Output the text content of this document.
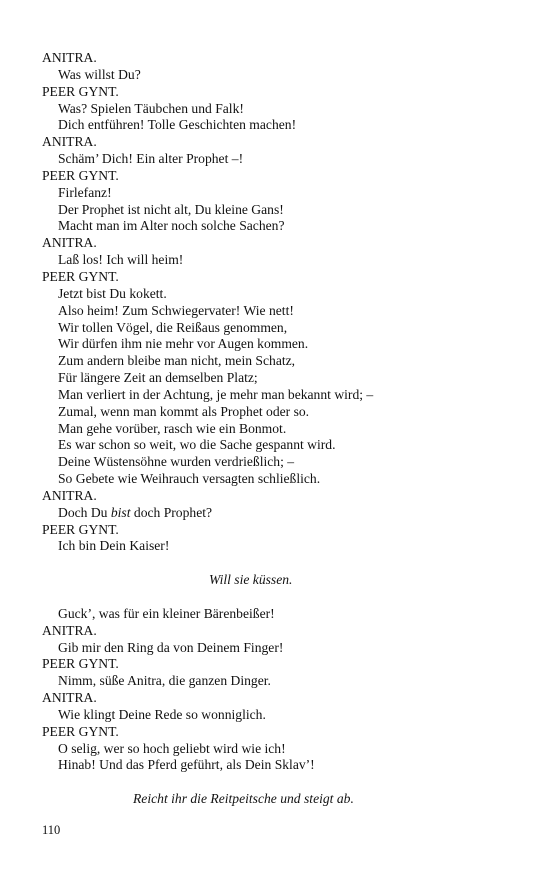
ANITRA.
Was willst Du?
PEER GYNT.
Was? Spielen Täubchen und Falk!
Dich entführen! Tolle Geschichten machen!
ANITRA.
Schäm’ Dich! Ein alter Prophet –!
PEER GYNT.
Firlefanz!
Der Prophet ist nicht alt, Du kleine Gans!
Macht man im Alter noch solche Sachen?
ANITRA.
Laß los! Ich will heim!
PEER GYNT.
Jetzt bist Du kokett.
Also heim! Zum Schwiegervater! Wie nett!
Wir tollen Vögel, die Reißaus genommen,
Wir dürfen ihm nie mehr vor Augen kommen.
Zum andern bleibe man nicht, mein Schatz,
Für längere Zeit an demselben Platz;
Man verliert in der Achtung, je mehr man bekannt wird; –
Zumal, wenn man kommt als Prophet oder so.
Man gehe vorüber, rasch wie ein Bonmot.
Es war schon so weit, wo die Sache gespannt wird.
Deine Wüstensöhne wurden verdrießlich; –
So Gebete wie Weihrauch versagten schließlich.
ANITRA.
Doch Du bist doch Prophet?
PEER GYNT.
Ich bin Dein Kaiser!
Will sie küssen.
Guck’, was für ein kleiner Bärenbeißer!
ANITRA.
Gib mir den Ring da von Deinem Finger!
PEER GYNT.
Nimm, süße Anitra, die ganzen Dinger.
ANITRA.
Wie klingt Deine Rede so wonniglich.
PEER GYNT.
O selig, wer so hoch geliebt wird wie ich!
Hinab! Und das Pferd geführt, als Dein Sklav’!
Reicht ihr die Reitpeitsche und steigt ab.
110
